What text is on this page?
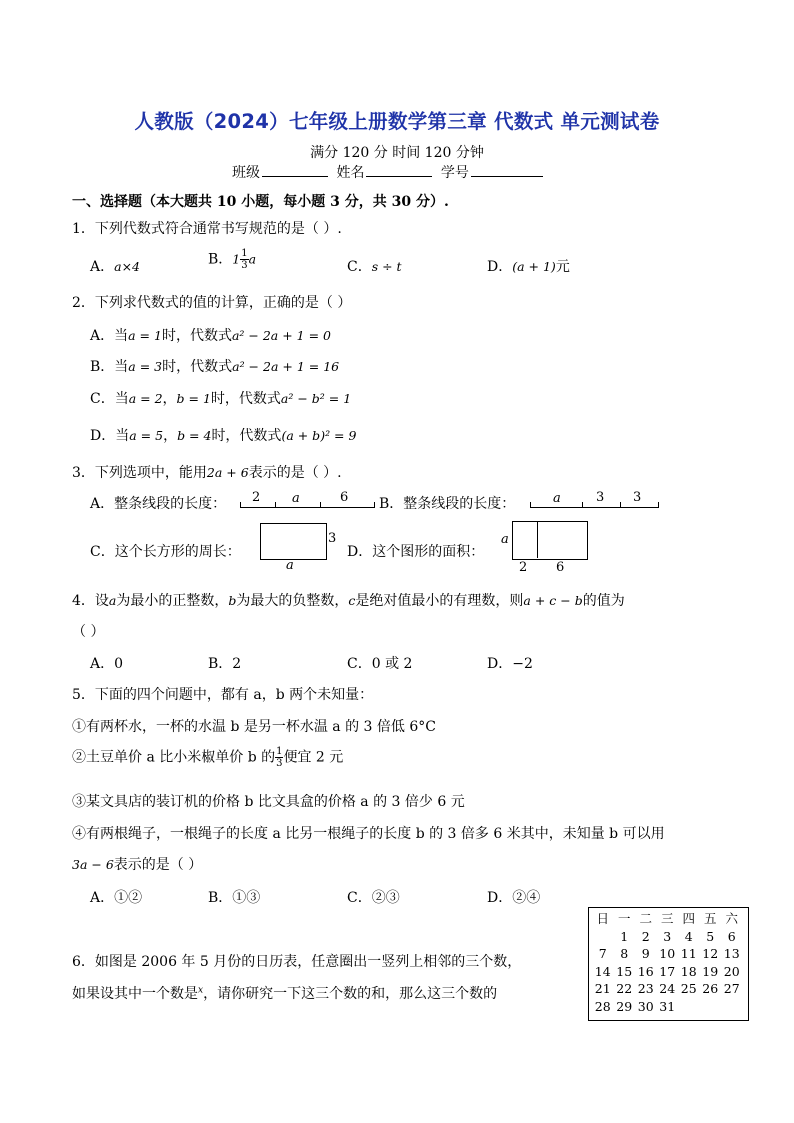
人教版（2024）七年级上册数学第三章 代数式 单元测试卷
满分 120 分 时间 120 分钟
班级	姓名	学号
一、选择题（本大题共 10 小题，每小题 3 分，共 30 分）.
1．下列代数式符合通常书写规范的是（ ）.
A．a×4	B．$1 \frac{1}{3}$ a	C．s ÷ t	D．(a + 1)元
2．下列求代数式的值的计算，正确的是（ ）
A．当a = 1时，代数式a² − 2a + 1 = 0
B．当a = 3时，代数式a² − 2a + 1 = 16
C．当a = 2，b = 1时，代数式a² − b² = 1
D．当a = 5，b = 4时，代数式(a + b)² = 9
3．下列选项中，能用2a + 6表示的是（ ）.
A．整条线段的长度： 2 a	6 B．整条线段的长度：	a	3 3
C．这个长方形的周长：
3
a
D．这个图形的面积：
a
2 6
4．设a为最小的正整数，b为最大的负整数，c是绝对值最小的有理数，则a + c − b的值为
（ ）
A．0	B．2	C．0 或 2	D．−2
5．下面的四个问题中，都有 a，b 两个未知量：
①有两杯水，一杯的水温 b 是另一杯水温 a 的 3 倍低 6°C
②土豆单价 a 比小米椒单价 b 的 $\frac{1}{3}$ 便宜 2 元
③某文具店的装订机的价格 b 比文具盒的价格 a 的 3 倍少 6 元
④有两根绳子，一根绳子的长度 a 比另一根绳子的长度 b 的 3 倍多 6 米其中，未知量 b 可以用
3a − 6表示的是（ ）
A．①②	B．①③	C．②③	D．②④
6．如图是 2006 年 5 月份的日历表，任意圈出一竖列上相邻的三个数，
如果设其中一个数是$^x$，请你研究一下这三个数的和，那么这三个数的
日	一	二	三	四	五	六
	1	2	3	4	5	6
7	8	9	10	11	12	13
14	15	16	17	18	19	20
21	22	23	24	25	26	27
28	29	30	31			
